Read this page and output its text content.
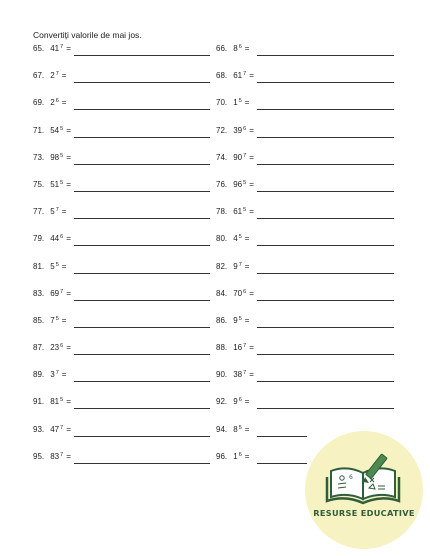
Convertiți valorile de mai jos.
65. $41^7$ =
67. $2^7$ =
69. $2^6$ =
71. $54^5$ =
73. $98^5$ =
75. $51^5$ =
77. $5^7$ =
79. $44^6$ =
81. $5^5$ =
83. $69^7$ =
85. $7^5$ =
87. $23^6$ =
89. $3^7$ =
91. $81^5$ =
93. $47^7$ =
95. $83^7$ =
66. $8^6$ =
68. $61^7$ =
70. $1^5$ =
72. $39^6$ =
74. $90^7$ =
76. $96^5$ =
78. $61^5$ =
80. $4^5$ =
82. $9^7$ =
84. $70^6$ =
86. $9^5$ =
88. $16^7$ =
90. $38^7$ =
92. $9^6$ =
94. $8^5$ =
96. $1^6$ =
6
RESURSE EDUCATIVE
